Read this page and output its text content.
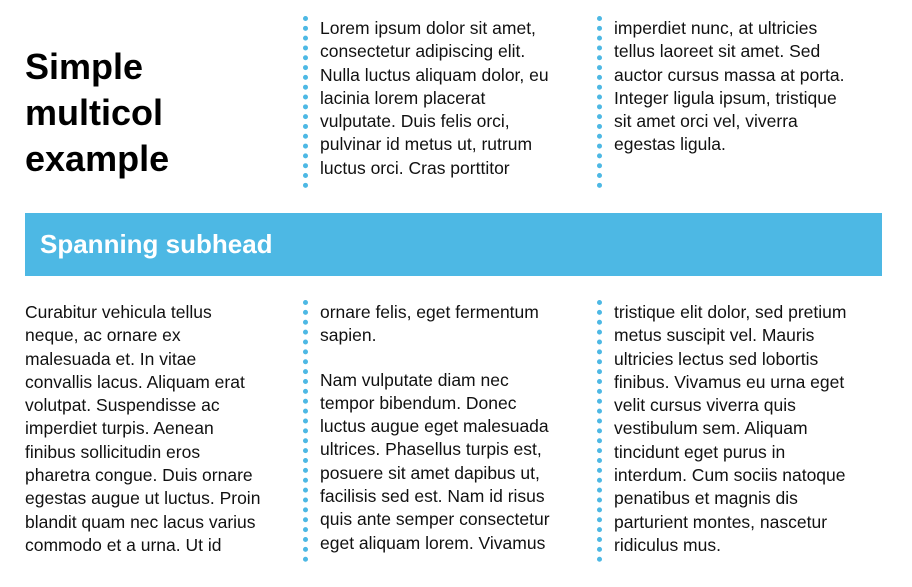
Simple
multicol
example

Lorem ipsum dolor sit amet,
consectetur adipiscing elit.
Nulla luctus aliquam dolor, eu
lacinia lorem placerat
vulputate. Duis felis orci,
pulvinar id metus ut, rutrum
luctus orci. Cras porttitor

imperdiet nunc, at ultricies
tellus laoreet sit amet. Sed
auctor cursus massa at porta.
Integer ligula ipsum, tristique
sit amet orci vel, viverra
egestas ligula.

Spanning subhead

Curabitur vehicula tellus
neque, ac ornare ex
malesuada et. In vitae
convallis lacus. Aliquam erat
volutpat. Suspendisse ac
imperdiet turpis. Aenean
finibus sollicitudin eros
pharetra congue. Duis ornare
egestas augue ut luctus. Proin
blandit quam nec lacus varius
commodo et a urna. Ut id

ornare felis, eget fermentum
sapien.

Nam vulputate diam nec
tempor bibendum. Donec
luctus augue eget malesuada
ultrices. Phasellus turpis est,
posuere sit amet dapibus ut,
facilisis sed est. Nam id risus
quis ante semper consectetur
eget aliquam lorem. Vivamus

tristique elit dolor, sed pretium
metus suscipit vel. Mauris
ultricies lectus sed lobortis
finibus. Vivamus eu urna eget
velit cursus viverra quis
vestibulum sem. Aliquam
tincidunt eget purus in
interdum. Cum sociis natoque
penatibus et magnis dis
parturient montes, nascetur
ridiculus mus.
